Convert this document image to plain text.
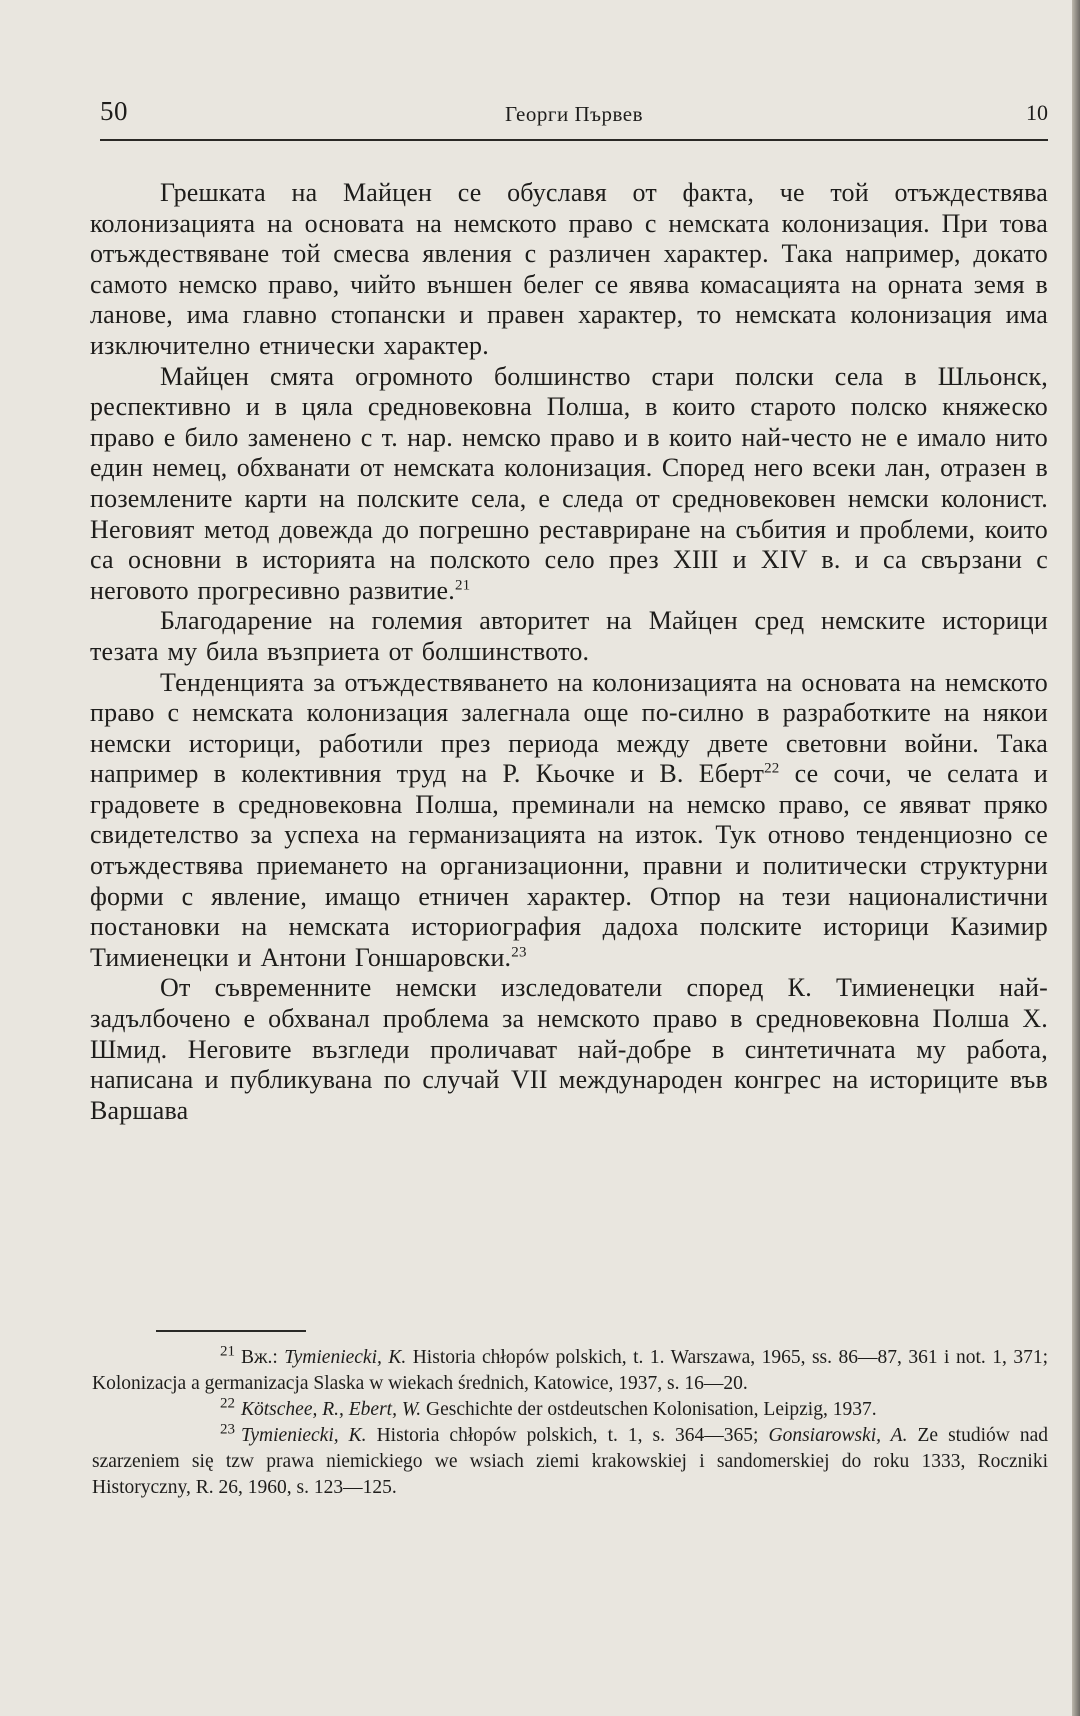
50	Георги Първев	10

Грешката на Майцен се обуславя от факта, че той отъждествява колонизацията на основата на немското право с немската колонизация. При това отъждествяване той смесва явления с различен характер. Така например, докато самото немско право, чийто външен белег се явява комасацията на орната земя в ланове, има главно стопански и правен характер, то немската колонизация има изключително етнически характер.

Майцен смята огромното болшинство стари полски села в Шльонск, респективно и в цяла средновековна Полша, в които старото полско княжеско право е било заменено с т. нар. немско право и в които най-често не е имало нито един немец, обхванати от немската колонизация. Според него всеки лан, отразен в поземлените карти на полските села, е следа от средновековен немски колонист. Неговият метод довежда до погрешно реставриране на събития и проблеми, които са основни в историята на полското село през XIII и XIV в. и са свързани с неговото прогресивно развитие.$^{21}$

Благодарение на големия авторитет на Майцен сред немските историци тезата му била възприета от болшинството.

Тенденцията за отъждествяването на колонизацията на основата на немското право с немската колонизация залегнала още по-силно в разработките на някои немски историци, работили през периода между двете световни войни. Така например в колективния труд на Р. Кьочке и В. Еберт$^{22}$ се сочи, че селата и градовете в средновековна Полша, преминали на немско право, се явяват пряко свидетелство за успеха на германизацията на изток. Тук отново тенденциозно се отъждествява приемането на организационни, правни и политически структурни форми с явление, имащо етничен характер. Отпор на тези националистични постановки на немската историография дадоха полските историци Казимир Тимиенецки и Антони Гоншаровски.$^{23}$

От съвременните немски изследователи според К. Тимиенецки най-задълбочено е обхванал проблема за немското право в средновековна Полша Х. Шмид. Неговите възгледи проличават най-добре в синтетичната му работа, написана и публикувана по случай VII международен конгрес на историците във Варшава

$^{21}$ Вж.: Tymieniecki, K. Historia chłopów polskich, t. 1. Warszawa, 1965, ss. 86—87, 361 i not. 1, 371; Kolonizacja a germanizacja Slaska w wiekach średnich, Katowice, 1937, s. 16—20.

$^{22}$ Kötschee, R., Ebert, W. Geschichte der ostdeutschen Kolonisation, Leipzig, 1937.

$^{23}$ Tymieniecki, K. Historia chłopów polskich, t. 1, s. 364—365; Gonsiarowski, A. Ze studiów nad szarzeniem się tzw prawa niemickiego we wsiach ziemi krakowskiej i sandomerskiej do roku 1333, Roczniki Historyczny, R. 26, 1960, s. 123—125.
